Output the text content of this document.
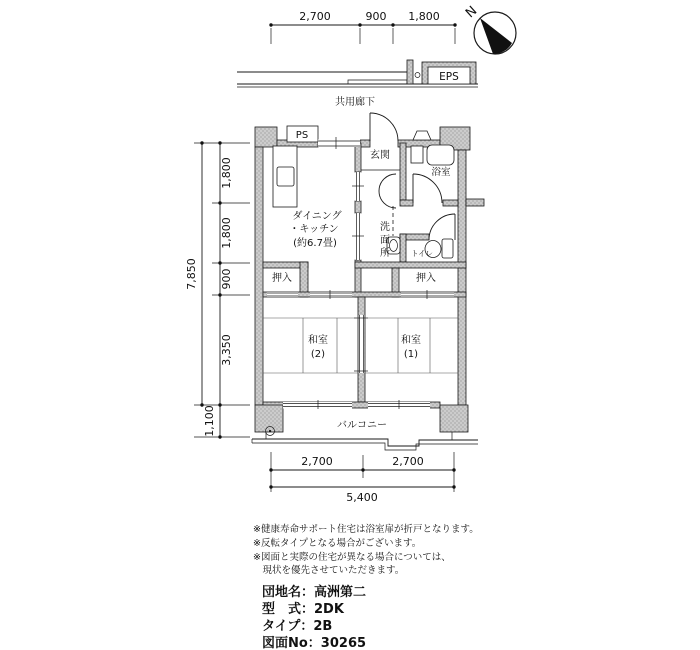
2,700	900 1,800
1,800
1,800
900
3,350
1,100
7,850
2,700	2,700
5,400
N
EPS
共用廊下
PS
玄関
浴室
ダイニング
・キッチン
(約6.7畳)
洗
面
所	トイレ
押入	押入
和室
(2)
和室
(1)
バルコニー
※健康寿命サポート住宅は浴室扉が折戸となります。
※反転タイプとなる場合がございます。
※図面と実際の住宅が異なる場合については、
　現状を優先させていただきます。
団地名：高洲第二
型　式：2DK
タイプ：2B
図面No：30265
